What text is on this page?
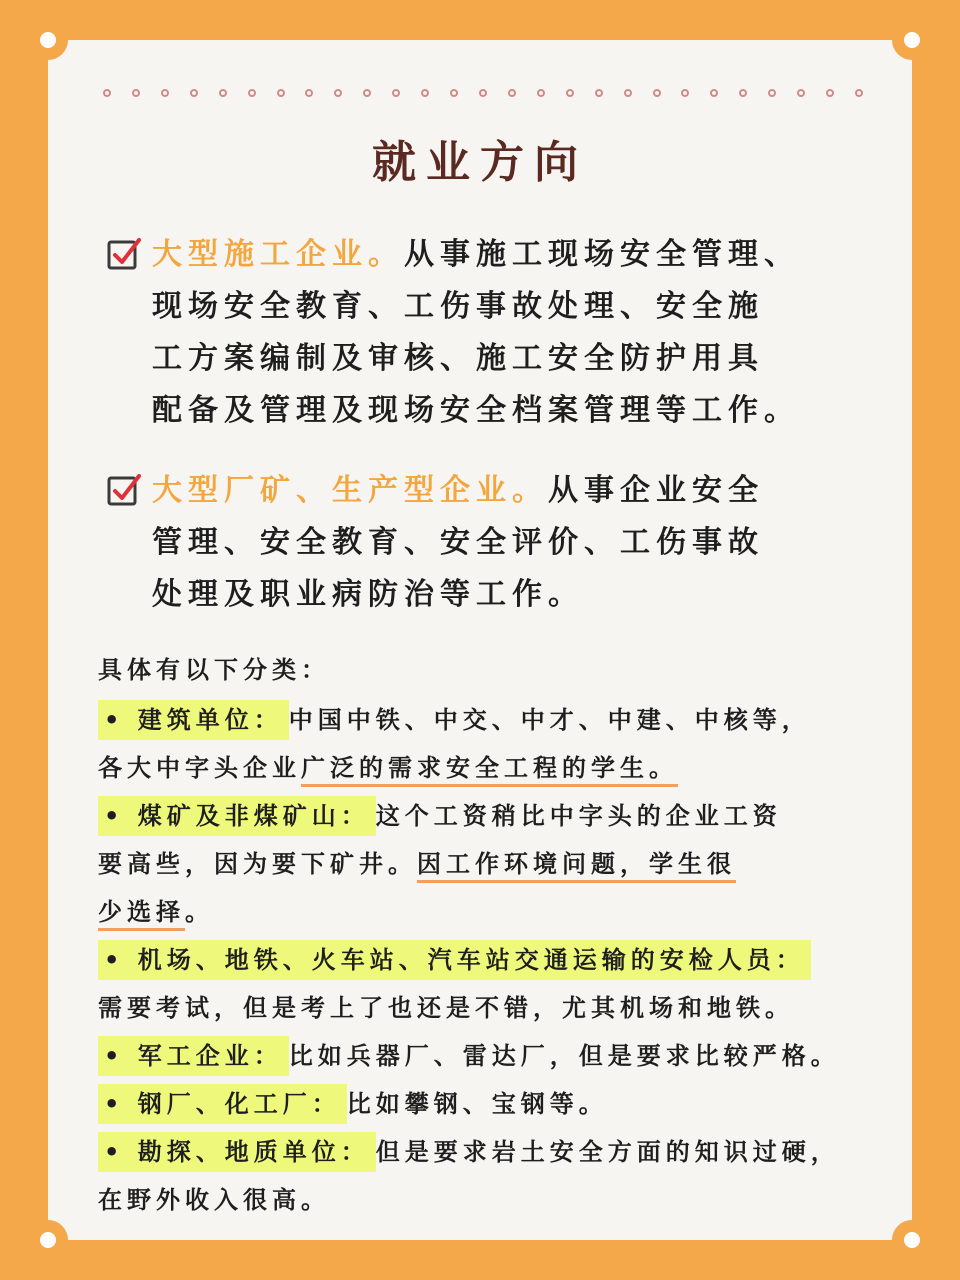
就业方向
大型施工企业。从事施工现场安全管理、
现场安全教育、工伤事故处理、安全施
工方案编制及审核、施工安全防护用具
配备及管理及现场安全档案管理等工作。
大型厂矿、生产型企业。从事企业安全
管理、安全教育、安全评价、工伤事故
处理及职业病防治等工作。
具体有以下分类：
• 建筑单位： 中国中铁、中交、中才、中建、中核等，
各大中字头企业广泛的需求安全工程的学生。
• 煤矿及非煤矿山： 这个工资稍比中字头的企业工资
要高些，因为要下矿井。因工作环境问题，学生很
少选择。
• 机场、地铁、火车站、汽车站交通运输的安检人员：
需要考试，但是考上了也还是不错，尤其机场和地铁。
• 军工企业： 比如兵器厂、雷达厂，但是要求比较严格。
• 钢厂、化工厂： 比如攀钢、宝钢等。
• 勘探、地质单位： 但是要求岩土安全方面的知识过硬，
在野外收入很高。
